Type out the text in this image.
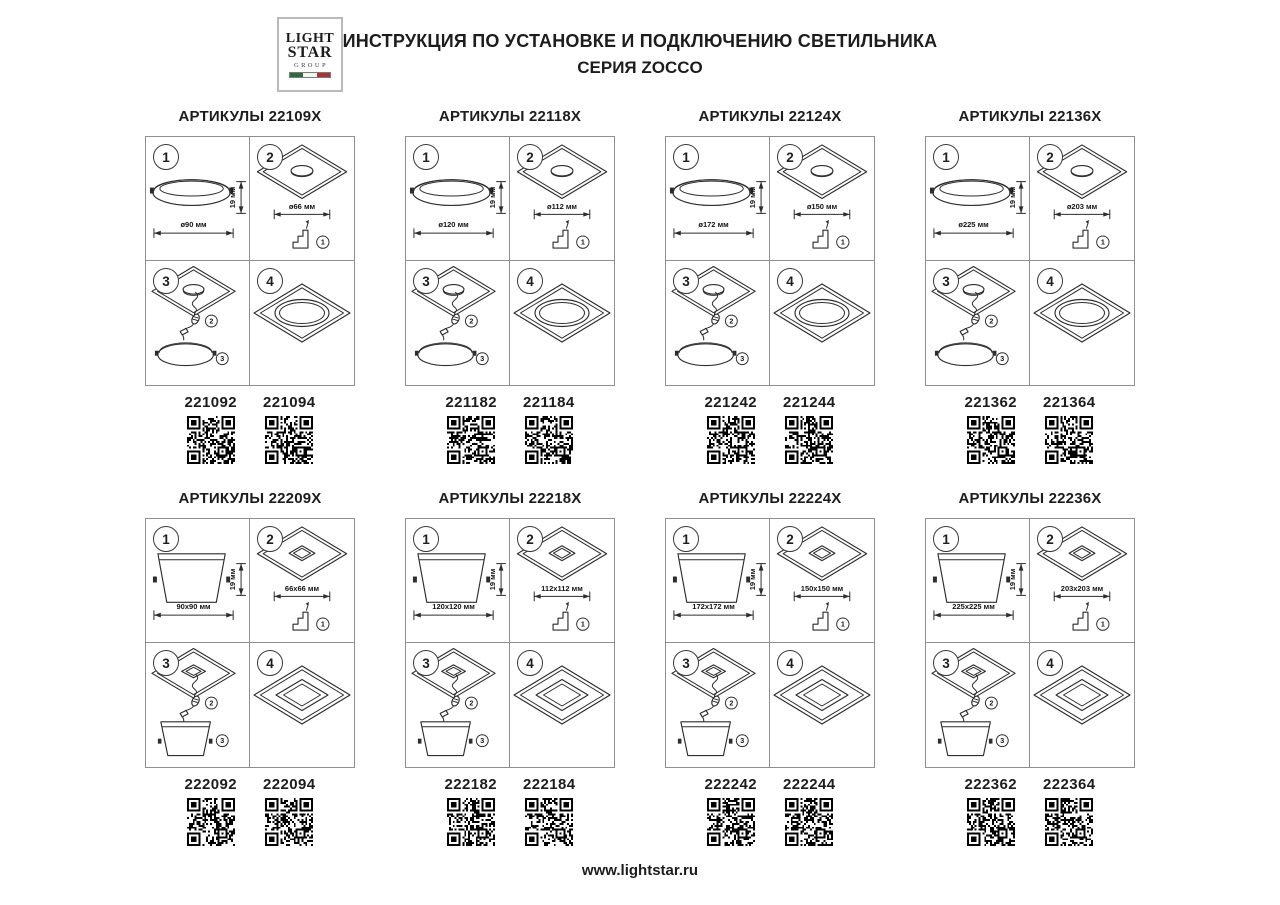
LIGHT
STAR
GROUP
ИНСТРУКЦИЯ ПО УСТАНОВКЕ И ПОДКЛЮЧЕНИЮ СВЕТИЛЬНИКА
СЕРИЯ ZOCCO
АРТИКУЛЫ 22109X
1
ø90 мм
19 мм
2
ø66 мм
1
3
2
3
4
221092 221094
АРТИКУЛЫ 22118X
1
ø120 мм
19 мм
2
ø112 мм
1
3
2
3
4
221182 221184
АРТИКУЛЫ 22124X
1
ø172 мм
19 мм
2
ø150 мм
1
3
2
3
4
221242 221244
АРТИКУЛЫ 22136X
1
ø225 мм
19 мм
2
ø203 мм
1
3
2
3
4
221362 221364
АРТИКУЛЫ 22209X
1
90x90 мм
19 мм
2
66x66 мм
1
3
2
3
4
222092 222094
АРТИКУЛЫ 22218X
1
120x120 мм
19 мм
2
112x112 мм
1
3
2
3
4
222182 222184
АРТИКУЛЫ 22224X
1
172x172 мм
19 мм
2
150x150 мм
1
3
2
3
4
222242 222244
АРТИКУЛЫ 22236X
1
225x225 мм
19 мм
2
203x203 мм
1
3
2
3
4
222362 222364
www.lightstar.ru
